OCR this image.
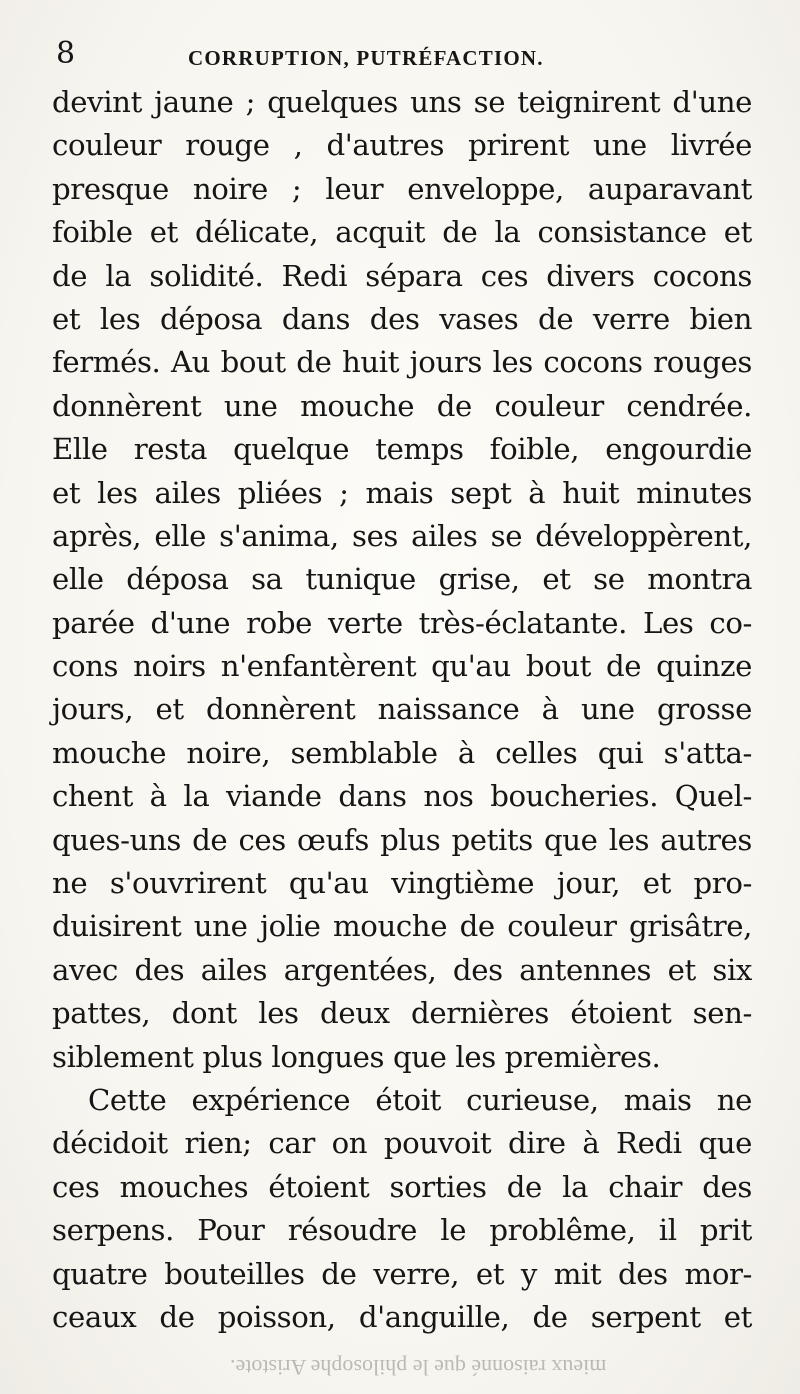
8	CORRUPTION, PUTRÉFACTION.
devint jaune ; quelques uns se teignirent d'une
couleur rouge , d'autres prirent une livrée
presque noire ; leur enveloppe, auparavant
foible et délicate, acquit de la consistance et
de la solidité. Redi sépara ces divers cocons
et les déposa dans des vases de verre bien
fermés. Au bout de huit jours les cocons rouges
donnèrent une mouche de couleur cendrée.
Elle resta quelque temps foible, engourdie
et les ailes pliées ; mais sept à huit minutes
après, elle s'anima, ses ailes se développèrent,
elle déposa sa tunique grise, et se montra
parée d'une robe verte très-éclatante. Les co-
cons noirs n'enfantèrent qu'au bout de quinze
jours, et donnèrent naissance à une grosse
mouche noire, semblable à celles qui s'atta-
chent à la viande dans nos boucheries. Quel-
ques-uns de ces œufs plus petits que les autres
ne s'ouvrirent qu'au vingtième jour, et pro-
duisirent une jolie mouche de couleur grisâtre,
avec des ailes argentées, des antennes et six
pattes, dont les deux dernières étoient sen-
siblement plus longues que les premières.
Cette expérience étoit curieuse, mais ne
décidoit rien; car on pouvoit dire à Redi que
ces mouches étoient sorties de la chair des
serpens. Pour résoudre le problême, il prit
quatre bouteilles de verre, et y mit des mor-
ceaux de poisson, d'anguille, de serpent et
mieux raisonné que le philosophe Aristote.
